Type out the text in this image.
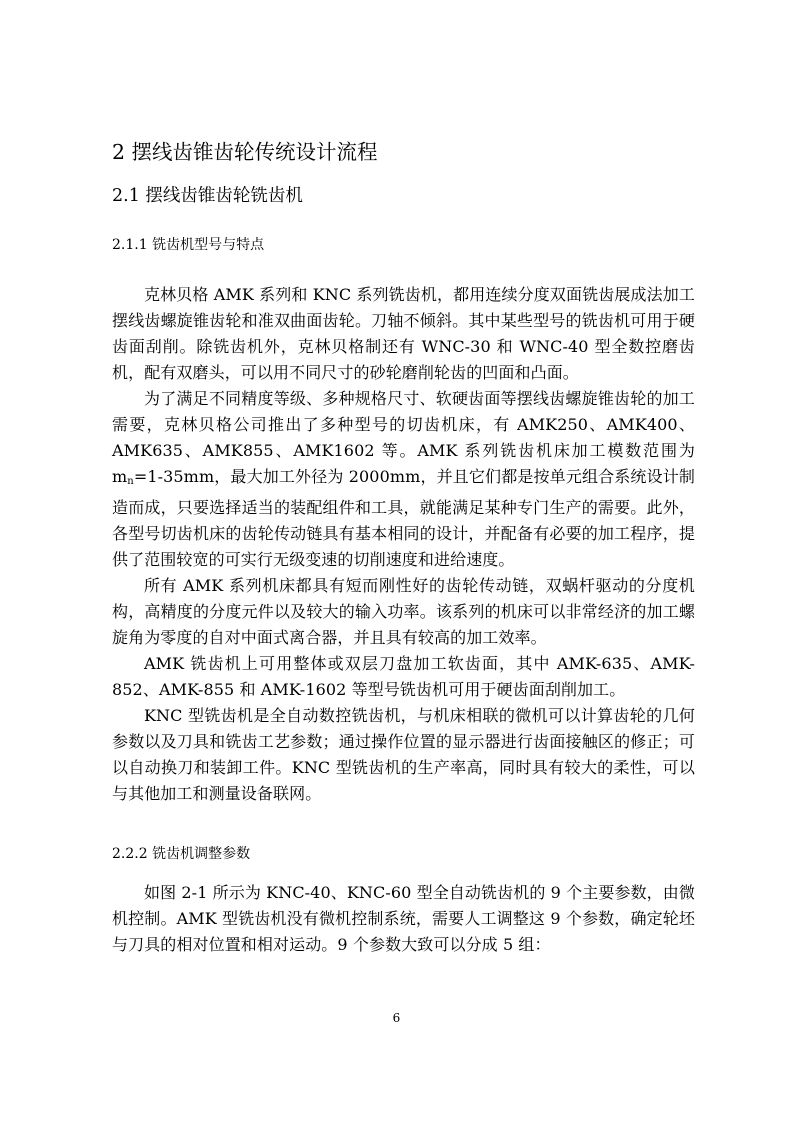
2 摆线齿锥齿轮传统设计流程
2.1 摆线齿锥齿轮铣齿机
2.1.1 铣齿机型号与特点

克林贝格 AMK 系列和 KNC 系列铣齿机，都用连续分度双面铣齿展成法加工摆线齿螺旋锥齿轮和准双曲面齿轮。刀轴不倾斜。其中某些型号的铣齿机可用于硬齿面刮削。除铣齿机外，克林贝格制还有 WNC-30 和 WNC-40 型全数控磨齿机，配有双磨头，可以用不同尺寸的砂轮磨削轮齿的凹面和凸面。

为了满足不同精度等级、多种规格尺寸、软硬齿面等摆线齿螺旋锥齿轮的加工需要，克林贝格公司推出了多种型号的切齿机床，有 AMK250、AMK400、AMK635、AMK855、AMK1602 等。AMK 系列铣齿机床加工模数范围为 $m_n=1-35mm$，最大加工外径为 2000mm，并且它们都是按单元组合系统设计制造而成，只要选择适当的装配组件和工具，就能满足某种专门生产的需要。此外，各型号切齿机床的齿轮传动链具有基本相同的设计，并配备有必要的加工程序，提供了范围较宽的可实行无级变速的切削速度和进给速度。

所有 AMK 系列机床都具有短而刚性好的齿轮传动链，双蜗杆驱动的分度机构，高精度的分度元件以及较大的输入功率。该系列的机床可以非常经济的加工螺旋角为零度的自对中面式离合器，并且具有较高的加工效率。

AMK 铣齿机上可用整体或双层刀盘加工软齿面，其中 AMK-635、AMK-852、AMK-855 和 AMK-1602 等型号铣齿机可用于硬齿面刮削加工。

KNC 型铣齿机是全自动数控铣齿机，与机床相联的微机可以计算齿轮的几何参数以及刀具和铣齿工艺参数；通过操作位置的显示器进行齿面接触区的修正；可以自动换刀和装卸工件。KNC 型铣齿机的生产率高，同时具有较大的柔性，可以与其他加工和测量设备联网。

2.2.2 铣齿机调整参数

如图 2-1 所示为 KNC-40、KNC-60 型全自动铣齿机的 9 个主要参数，由微机控制。AMK 型铣齿机没有微机控制系统，需要人工调整这 9 个参数，确定轮坯与刀具的相对位置和相对运动。9 个参数大致可以分成 5 组：

6
